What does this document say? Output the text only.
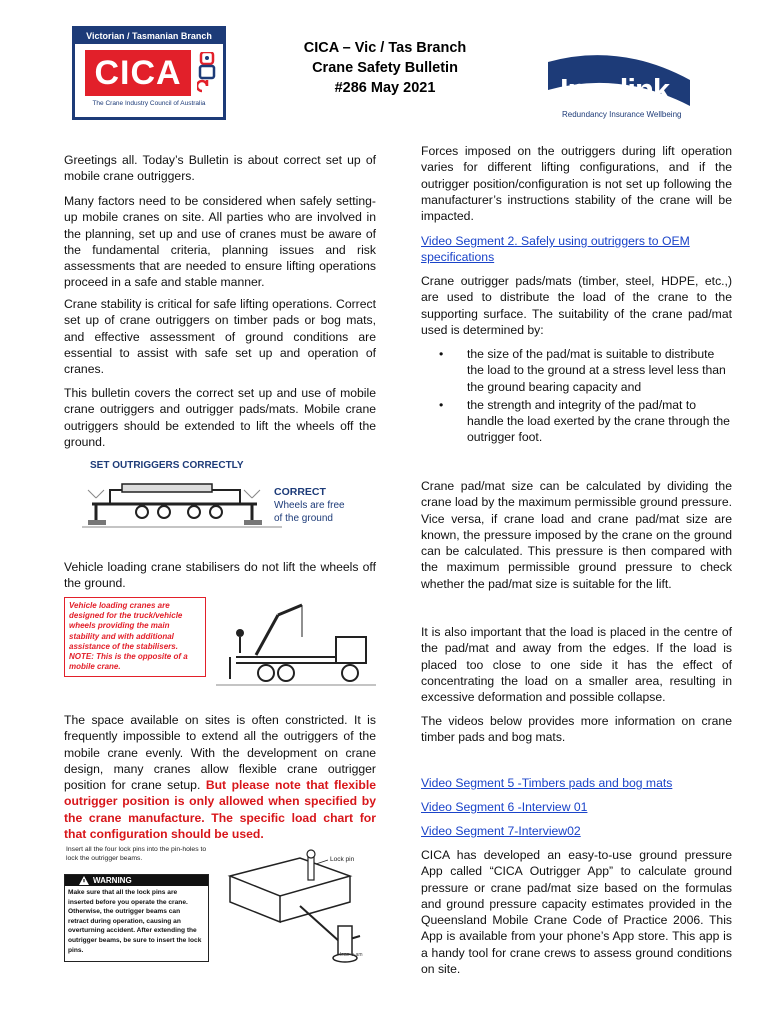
Victorian / Tasmanian Branch
CICA
The Crane Industry Council of Australia
CICA – Vic / Tas Branch
Crane Safety Bulletin
#286 May 2021	Incolink
Redundancy Insurance Wellbeing
Greetings all. Today’s Bulletin is about correct set up of mobile crane outriggers.
Many factors need to be considered when safely setting-up mobile cranes on site. All parties who are involved in the planning, set up and use of cranes must be aware of the fundamental criteria, planning issues and risk assessments that are needed to ensure lifting operations proceed in a safe and stable manner.
Crane stability is critical for safe lifting operations. Correct set up of crane outriggers on timber pads or bog mats, and effective assessment of ground conditions are essential to assist with safe set up and operation of cranes.
This bulletin covers the correct set up and use of mobile crane outriggers and outrigger pads/mats. Mobile crane outriggers should be extended to lift the wheels off the ground.
SET OUTRIGGERS CORRECTLY
CORRECT
Wheels are free
of the ground
Vehicle loading crane stabilisers do not lift the wheels off the ground.
Vehicle loading cranes are
designed for the truck/vehicle
wheels providing the main
stability and with additional
assistance of the stabilisers.
NOTE: This is the opposite of a
mobile crane.
The space available on sites is often constricted. It is frequently impossible to extend all the outriggers of the mobile crane evenly. With the development on crane design, many cranes allow flexible crane outrigger position for crane setup. But please note that flexible outrigger position is only allowed when specified by the crane manufacture. The specific load chart for that configuration should be used.
Insert all the four lock pins into the pin-holes to
lock the outrigger beams.
WARNING
Make sure that all the lock pins are
inserted before you operate the crane.
Otherwise, the outrigger beams can
retract during operation, causing an
overturning accident. After extending the
outrigger beams, be sure to insert the lock
pins.
Lock pin
lean-o-am
Forces imposed on the outriggers during lift operation varies for different lifting configurations, and if the outrigger position/configuration is not set up following the manufacturer’s instructions stability of the crane will be impacted.
Video Segment 2. Safely using outriggers to OEM specifications
Crane outrigger pads/mats (timber, steel, HDPE, etc.,) are used to distribute the load of the crane to the supporting surface. The suitability of the crane pad/mat used is determined by:
• the size of the pad/mat is suitable to distribute the load to the ground at a stress level less than the ground bearing capacity and
• the strength and integrity of the pad/mat to handle the load exerted by the crane through the outrigger foot.
Crane pad/mat size can be calculated by dividing the crane load by the maximum permissible ground pressure. Vice versa, if crane load and crane pad/mat size are known, the pressure imposed by the crane on the ground can be calculated. This pressure is then compared with the maximum permissible ground pressure to check whether the pad/mat size is suitable for the lift.
It is also important that the load is placed in the centre of the pad/mat and away from the edges. If the load is placed too close to one side it has the effect of concentrating the load on a smaller area, resulting in excessive deformation and possible collapse.
The videos below provides more information on crane timber pads and bog mats.
Video Segment 5 -Timbers pads and bog mats
Video Segment 6 -Interview 01
Video Segment 7-Interview02
CICA has developed an easy-to-use ground pressure App called “CICA Outrigger App” to calculate ground pressure or crane pad/mat size based on the formulas and ground pressure capacity estimates provided in the Queensland Mobile Crane Code of Practice 2006. This App is available from your phone’s App store. This app is a handy tool for crane crews to assess ground conditions on site.
